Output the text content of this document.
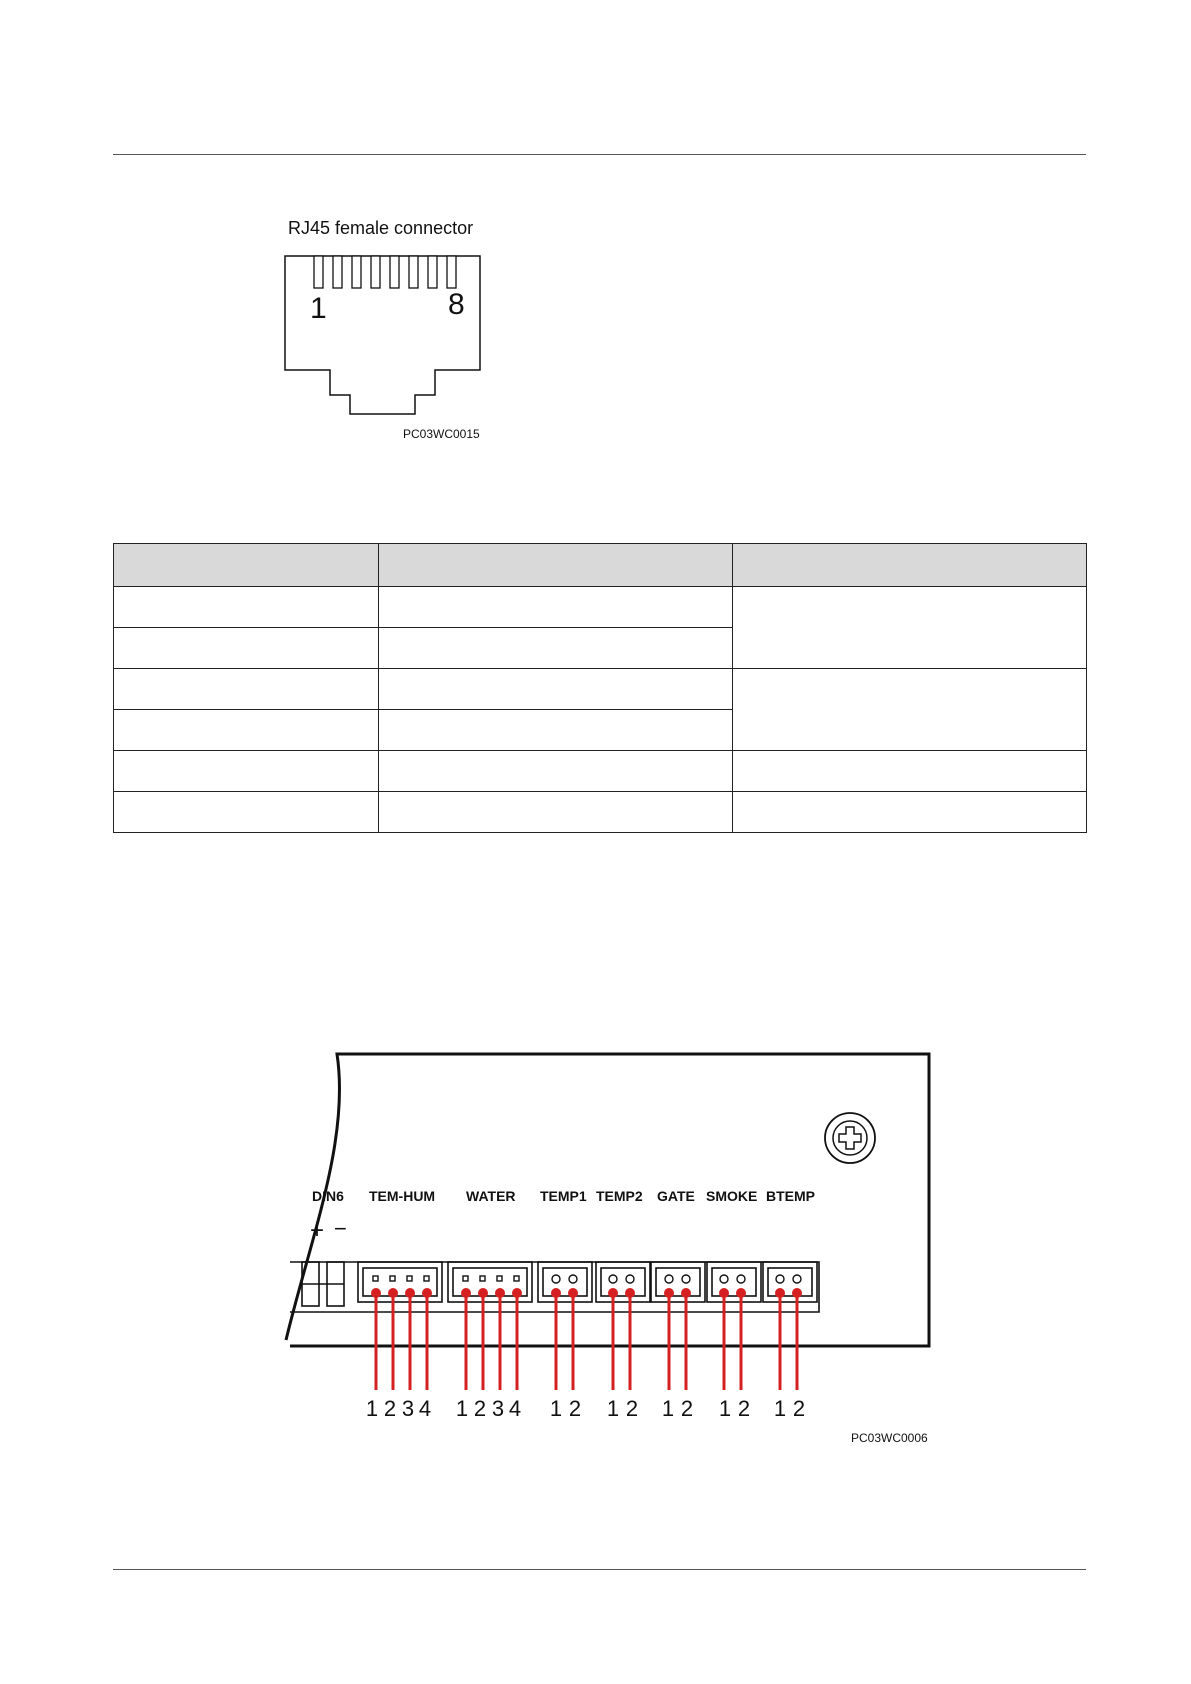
RJ45 female connector
1	8
PC03WC0015

DIN6 TEM-HUM WATER TEMP1 TEMP2 GATE SMOKE BTEMP
+ −
1 2 3 4 1 2 3 4 1 2 1 2 1 2 1 2 1 2
PC03WC0006
